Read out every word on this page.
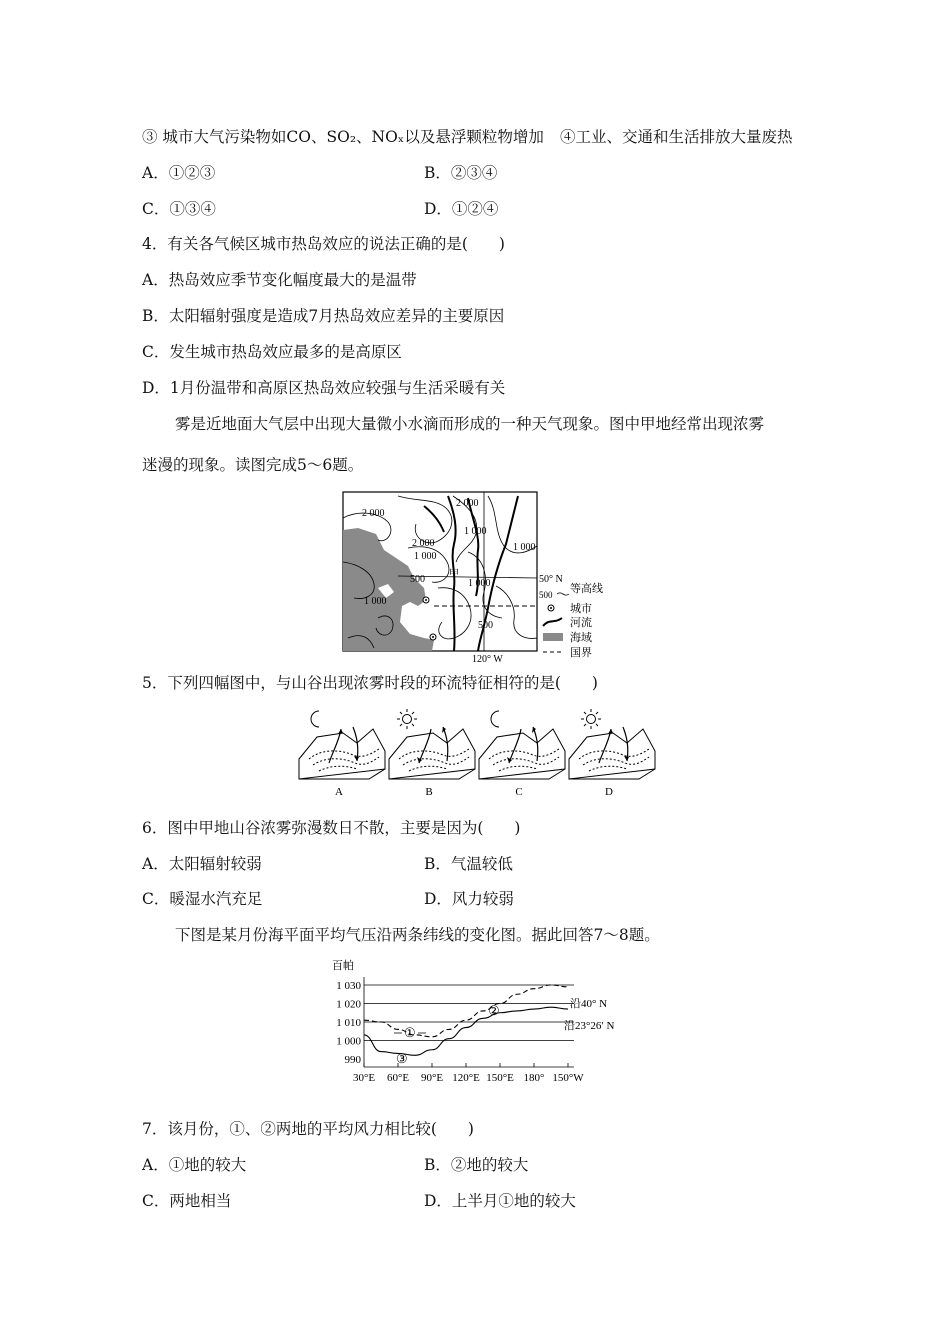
③ 城市大气污染物如CO、SO₂、NOₓ以及悬浮颗粒物增加 ④工业、交通和生活排放大量废热
A．①②③	B．②③④
C．①③④	D．①②④
4．有关各气候区城市热岛效应的说法正确的是(　　)
A．热岛效应季节变化幅度最大的是温带
B．太阳辐射强度是造成7月热岛效应差异的主要原因
C．发生城市热岛效应最多的是高原区
D．1月份温带和高原区热岛效应较强与生活采暖有关
雾是近地面大气层中出现大量微小水滴而形成的一种天气现象。图中甲地经常出现浓雾
迷漫的现象。读图完成5～6题。
2 000
2 000
1 000
2 000
1 000
1 000
500	1 000
1 000
500
甲	50° N
120° W
500 等高线
城市
河流
海域
国界
5．下列四幅图中，与山谷出现浓雾时段的环流特征相符的是(　　)
A	B	C	D
6．图中甲地山谷浓雾弥漫数日不散，主要是因为(　　)
A．太阳辐射较弱	B．气温较低
C．暖湿水汽充足	D．风力较弱
下图是某月份海平面平均气压沿两条纬线的变化图。据此回答7～8题。
1 030
1 020
1 010
1 000
990
30°E 60°E 90°E 120°E 150°E 180° 150°W
百帕
沿40° N
沿23°26′ N
①
②
③
7．该月份，①、②两地的平均风力相比较(　　)
A．①地的较大	B．②地的较大
C．两地相当	D．上半月①地的较大
